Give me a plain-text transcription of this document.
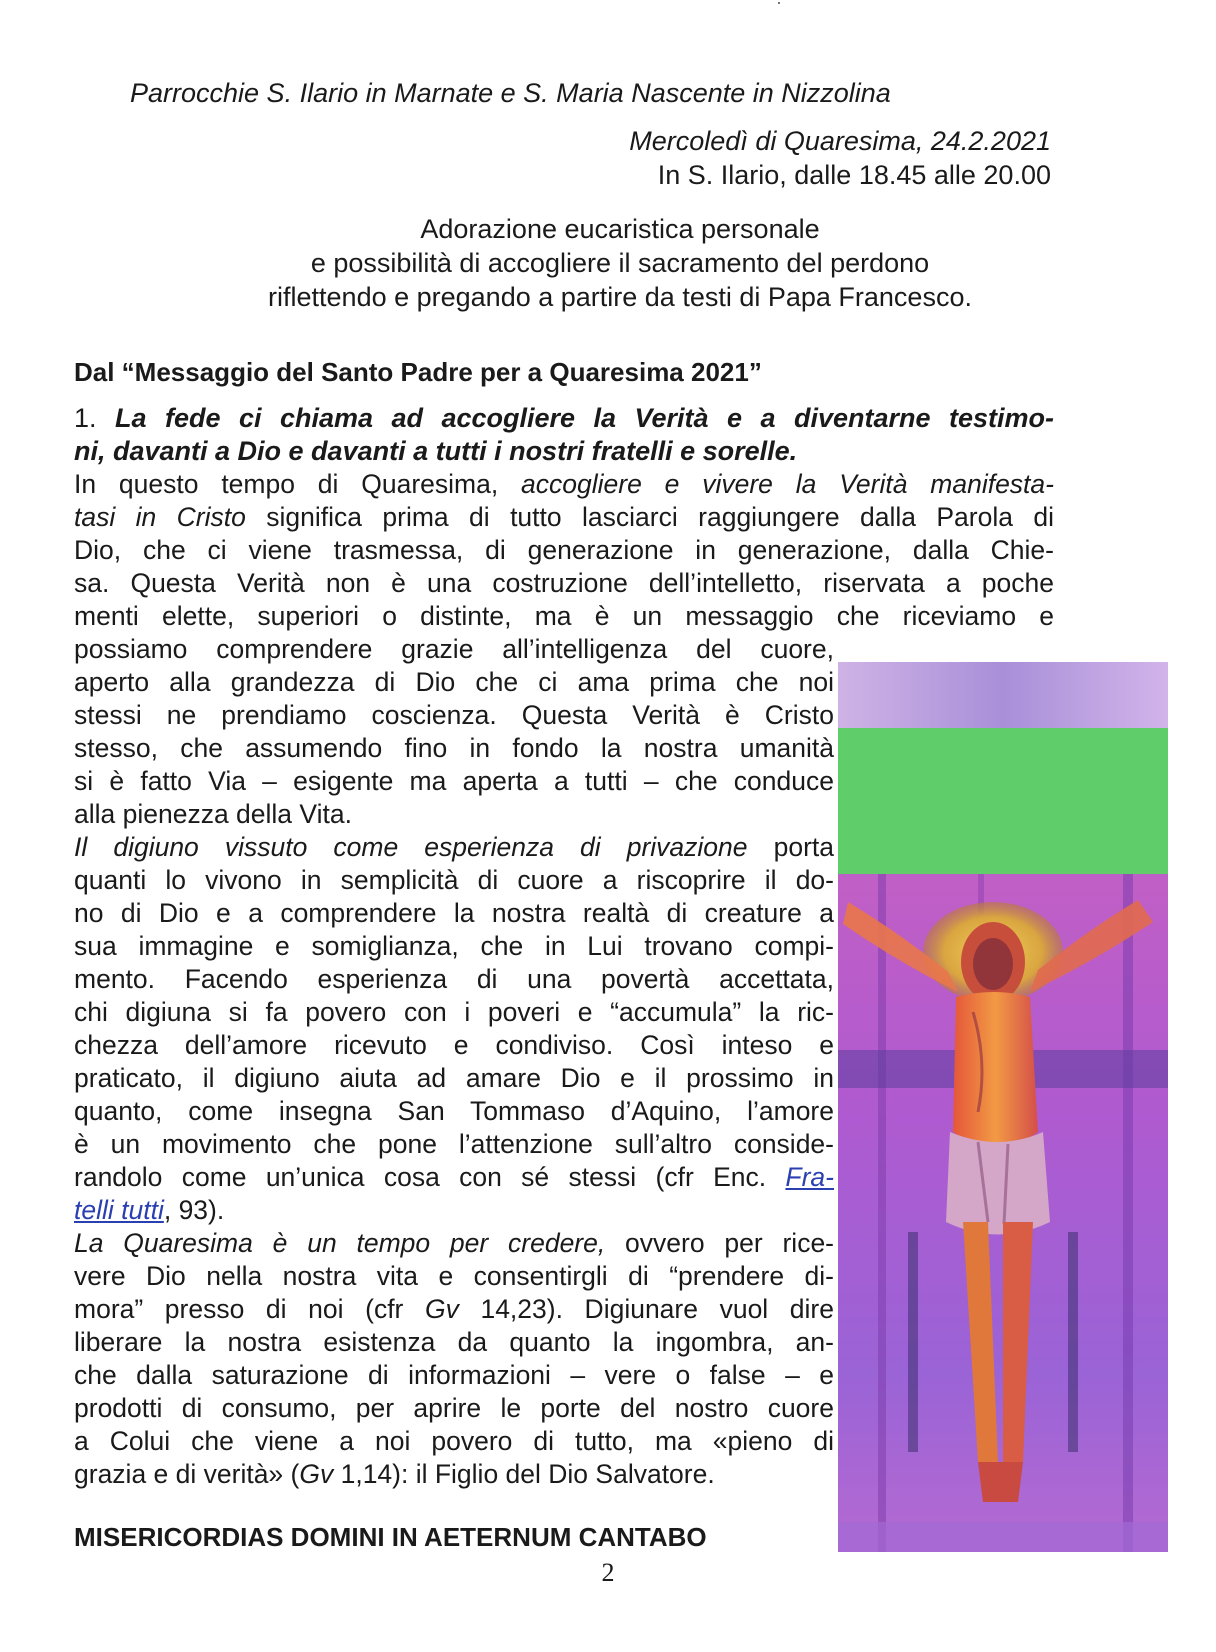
Parrocchie S. Ilario in Marnate e S. Maria Nascente in Nizzolina
Mercoledì di Quaresima, 24.2.2021
In S. Ilario, dalle 18.45 alle 20.00
Adorazione eucaristica personale
e possibilità di accogliere il sacramento del perdono
riflettendo e pregando a partire da testi di Papa Francesco.
Dal “Messaggio del Santo Padre per a Quaresima 2021”
1. La fede ci chiama ad accogliere la Verità e a diventarne testimo-
ni, davanti a Dio e davanti a tutti i nostri fratelli e sorelle.
In questo tempo di Quaresima, accogliere e vivere la Verità manifesta-
tasi in Cristo significa prima di tutto lasciarci raggiungere dalla Parola di
Dio, che ci viene trasmessa, di generazione in generazione, dalla Chie-
sa. Questa Verità non è una costruzione dell’intelletto, riservata a poche
menti elette, superiori o distinte, ma è un messaggio che riceviamo e
possiamo comprendere grazie all’intelligenza del cuore,
aperto alla grandezza di Dio che ci ama prima che noi
stessi ne prendiamo coscienza. Questa Verità è Cristo
stesso, che assumendo fino in fondo la nostra umanità
si è fatto Via – esigente ma aperta a tutti – che conduce
alla pienezza della Vita.
Il digiuno vissuto come esperienza di privazione porta
quanti lo vivono in semplicità di cuore a riscoprire il do-
no di Dio e a comprendere la nostra realtà di creature a
sua immagine e somiglianza, che in Lui trovano compi-
mento. Facendo esperienza di una povertà accettata,
chi digiuna si fa povero con i poveri e “accumula” la ric-
chezza dell’amore ricevuto e condiviso. Così inteso e
praticato, il digiuno aiuta ad amare Dio e il prossimo in
quanto, come insegna San Tommaso d’Aquino, l’amore
è un movimento che pone l’attenzione sull’altro conside-
randolo come un’unica cosa con sé stessi (cfr Enc. Fra-
telli tutti, 93).
La Quaresima è un tempo per credere, ovvero per rice-
vere Dio nella nostra vita e consentirgli di “prendere di-
mora” presso di noi (cfr Gv 14,23). Digiunare vuol dire
liberare la nostra esistenza da quanto la ingombra, an-
che dalla saturazione di informazioni – vere o false – e
prodotti di consumo, per aprire le porte del nostro cuore
a Colui che viene a noi povero di tutto, ma «pieno di
grazia e di verità» (Gv 1,14): il Figlio del Dio Salvatore.
MISERICORDIAS DOMINI IN AETERNUM CANTABO
2
